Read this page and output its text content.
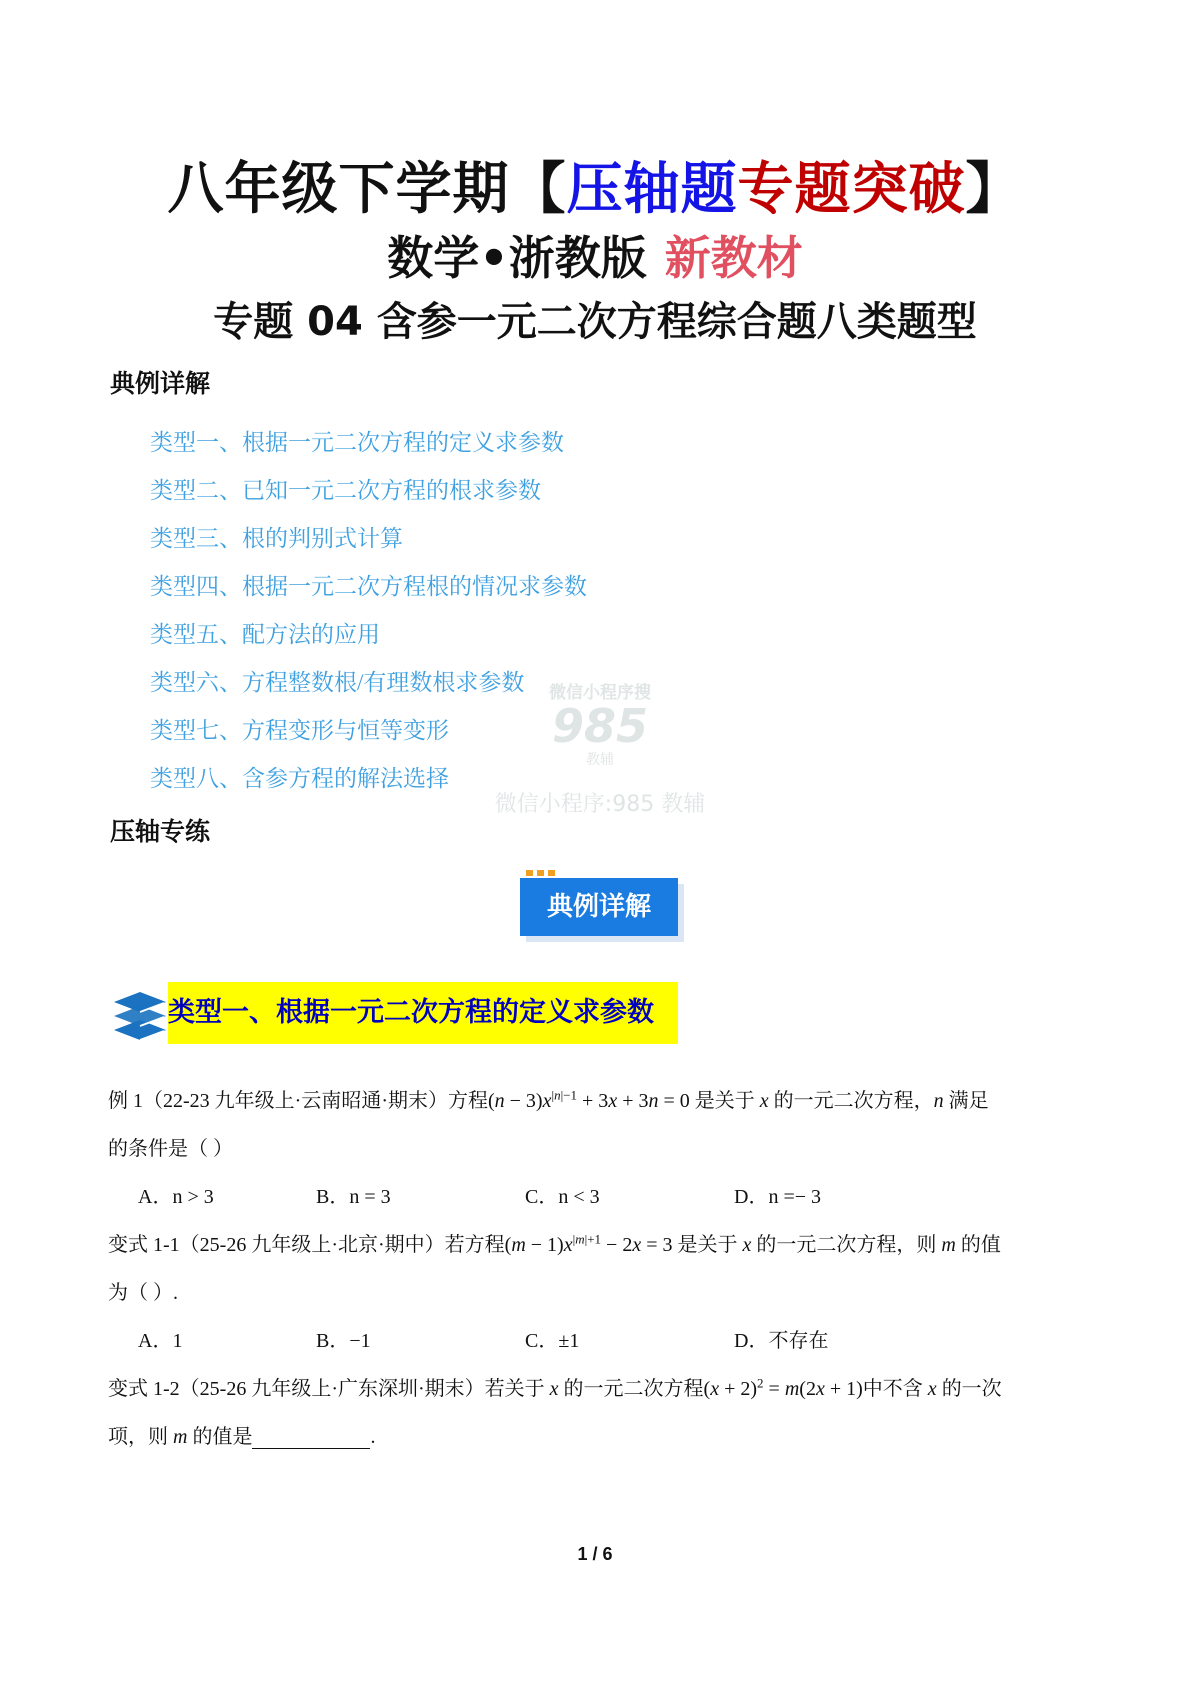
八年级下学期【压轴题专题突破】
数学•浙教版 新教材
专题 04 含参一元二次方程综合题八类题型
典例详解
类型一、根据一元二次方程的定义求参数
类型二、已知一元二次方程的根求参数
类型三、根的判别式计算
类型四、根据一元二次方程根的情况求参数
类型五、配方法的应用
类型六、方程整数根/有理数根求参数
类型七、方程变形与恒等变形
类型八、含参方程的解法选择
压轴专练
微信小程序搜
985
教辅
微信小程序:985 教辅
典例详解
类型一、根据一元二次方程的定义求参数
例 1（22-23 九年级上·云南昭通·期末）方程$(n - 3)x^{|n|-1} + 3x + 3n = 0$ 是关于 x 的一元二次方程，n 满足
的条件是（ ）
A．n > 3	B．n = 3	C．n < 3	D．n =− 3
变式 1-1（25-26 九年级上·北京·期中）若方程$(m - 1)x^{|m|+1} - 2x = 3$ 是关于 x 的一元二次方程，则 m 的值
为（ ）.
A．1	B．−1	C．±1	D．不存在
变式 1-2（25-26 九年级上·广东深圳·期末）若关于 x 的一元二次方程$(x + 2)^2 = m(2x + 1)$中不含 x 的一次
项，则 m 的值是	.
1 / 6
